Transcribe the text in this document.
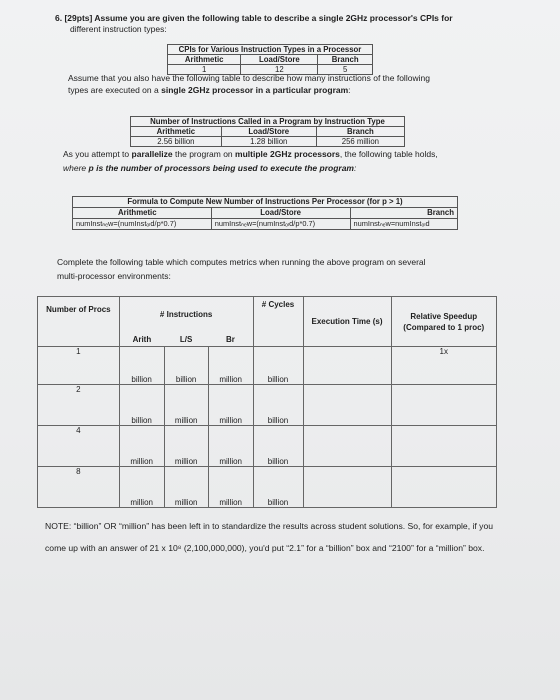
6. [29pts] Assume you are given the following table to describe a single 2GHz processor's CPIs for
different instruction types:
CPIs for Various Instruction Types in a Processor		
Arithmetic	Load/Store	Branch
1	12	5
Assume that you also have the following table to describe how many instructions of the following
types are executed on a single 2GHz processor in a particular program:
Number of Instructions Called in a Program by Instruction Type		
Arithmetic	Load/Store	Branch
2.56 billion	1.28 billion	256 million
As you attempt to parallelize the program on multiple 2GHz processors, the following table holds,
where p is the number of processors being used to execute the program:
Formula to Compute New Number of Instructions Per Processor (for p > 1)		
Arithmetic	Load/Store	Branch
numInstₙₑw=(numInstₒₗd/p*0.7)	numInstₙₑw=(numInstₒₗd/p*0.7)	numInstₙₑw=numInstₒₗd
Complete the following table which computes metrics when running the above program on several
multi-processor environments:
Number of Procs	# Instructions			# Cycles	Execution Time (s)	Relative Speedup (Compared to 1 proc)
	Arith	L/S	Br			
1	billion	billion	million	billion		1x
2	billion	million	million	billion		
4	million	million	million	billion		
8	million	million	million	billion		
NOTE: “billion” OR “million” has been left in to standardize the results across student solutions. So, for example, if you come up with an answer of 21 x 10⁸ (2,100,000,000), you'd put “2.1” for a “billion” box and “2100” for a “million” box.
